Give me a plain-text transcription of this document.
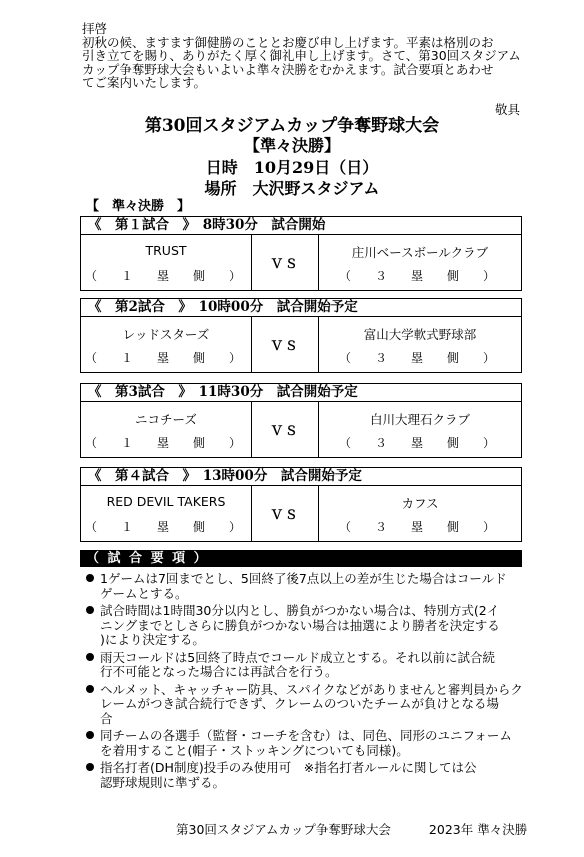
拝啓
初秋の候、ますます御健勝のこととお慶び申し上げます。平素は格別のお
引き立てを賜り、ありがたく厚く御礼申し上げます。さて、第30回スタジアム
カップ争奪野球大会もいよいよ準々決勝をむかえます。試合要項とあわせ
てご案内いたします。
敬具
第30回スタジアムカップ争奪野球大会
【準々決勝】
日時　10月29日（日）
場所　大沢野スタジアム
【　準々決勝　】
《　第１試合　》　8時30分　試合開始
TRUST
（　１　塁　側　）
ＶＳ
庄川ベースボールクラブ
（　３　塁　側　）
《　第2試合　》　10時00分　試合開始予定
レッドスターズ
（　１　塁　側　）
ＶＳ
富山大学軟式野球部
（　３　塁　側　）
《　第3試合　》　11時30分　試合開始予定
ニコチーズ
（　１　塁　側　）
ＶＳ
白川大理石クラブ
（　３　塁　側　）
《　第４試合　》　13時00分　試合開始予定
RED DEVIL TAKERS
（　１　塁　側　）
ＶＳ
カフス
（　３　塁　側　）
（ 試 合 要 項 ）
1ゲームは7回までとし、5回終了後7点以上の差が生じた場合はコールド
ゲームとする。
試合時間は1時間30分以内とし、勝負がつかない場合は、特別方式(2イ
ニングまでとしさらに勝負がつかない場合は抽選により勝者を決定する
)により決定する。
雨天コールドは5回終了時点でコールド成立とする。それ以前に試合続
行不可能となった場合には再試合を行う。
ヘルメット、キャッチャー防具、スパイクなどがありませんと審判員からク
レームがつき試合続行できず、クレームのついたチームが負けとなる場
合
同チームの各選手（監督・コーチを含む）は、同色、同形のユニフォーム
を着用すること(帽子・ストッキングについても同様)。
指名打者(DH制度)投手のみ使用可　※指名打者ルールに関しては公
認野球規則に準ずる。
第30回スタジアムカップ争奪野球大会	2023年 準々決勝
